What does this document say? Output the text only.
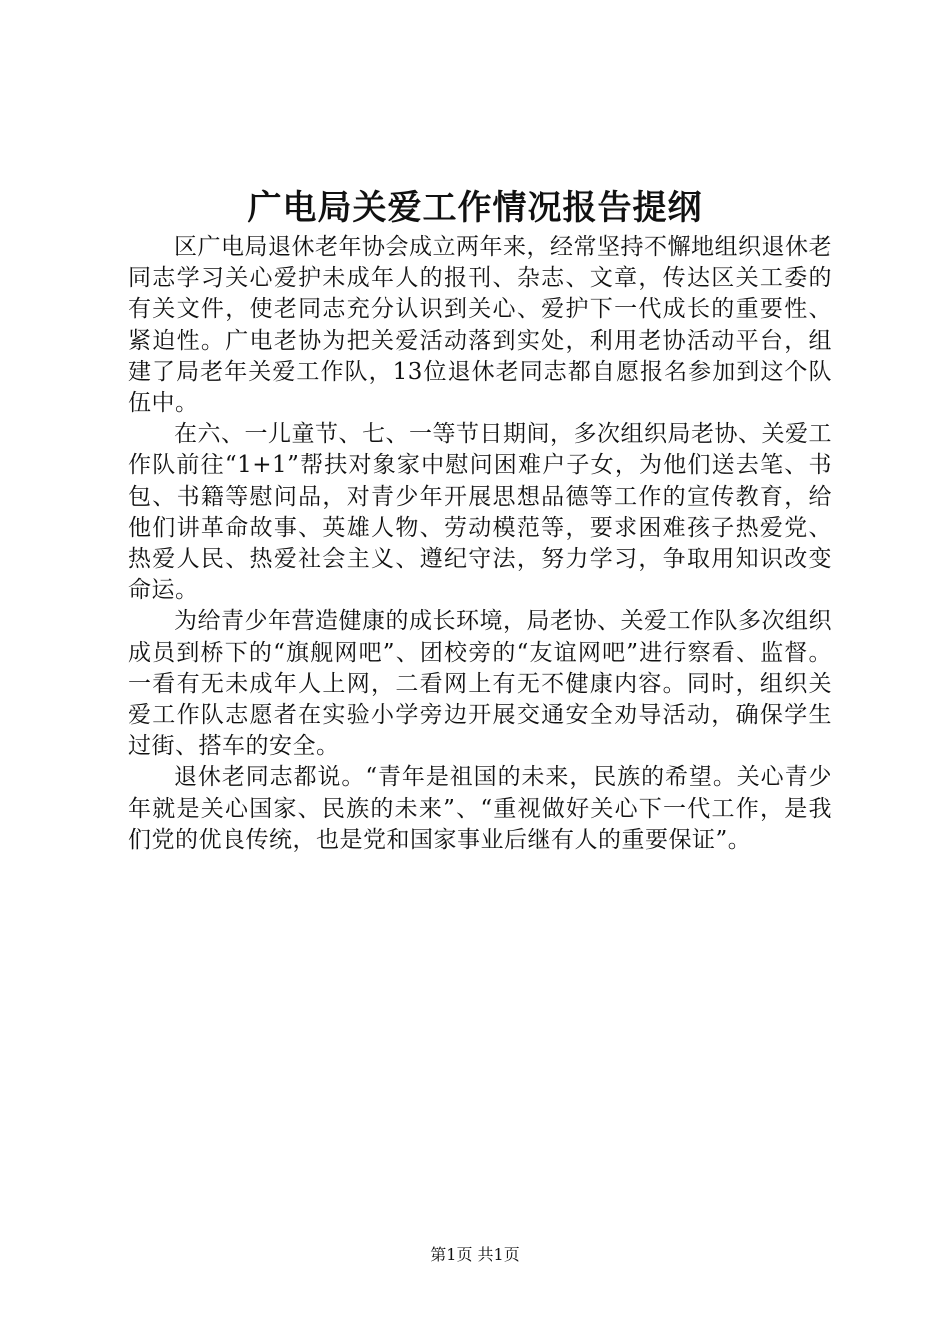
广电局关爱工作情况报告提纲

区广电局退休老年协会成立两年来，经常坚持不懈地组织退休老同志学习关心爱护未成年人的报刊、杂志、文章，传达区关工委的有关文件，使老同志充分认识到关心、爱护下一代成长的重要性、紧迫性。广电老协为把关爱活动落到实处，利用老协活动平台，组建了局老年关爱工作队，13位退休老同志都自愿报名参加到这个队伍中。

在六、一儿童节、七、一等节日期间，多次组织局老协、关爱工作队前往“1+1”帮扶对象家中慰问困难户子女，为他们送去笔、书包、书籍等慰问品，对青少年开展思想品德等工作的宣传教育，给他们讲革命故事、英雄人物、劳动模范等，要求困难孩子热爱党、热爱人民、热爱社会主义、遵纪守法，努力学习，争取用知识改变命运。

为给青少年营造健康的成长环境，局老协、关爱工作队多次组织成员到桥下的“旗舰网吧”、团校旁的“友谊网吧”进行察看、监督。一看有无未成年人上网，二看网上有无不健康内容。同时，组织关爱工作队志愿者在实验小学旁边开展交通安全劝导活动，确保学生过街、搭车的安全。

退休老同志都说。“青年是祖国的未来，民族的希望。关心青少年就是关心国家、民族的未来”、“重视做好关心下一代工作，是我们党的优良传统，也是党和国家事业后继有人的重要保证”。

第1页 共1页
